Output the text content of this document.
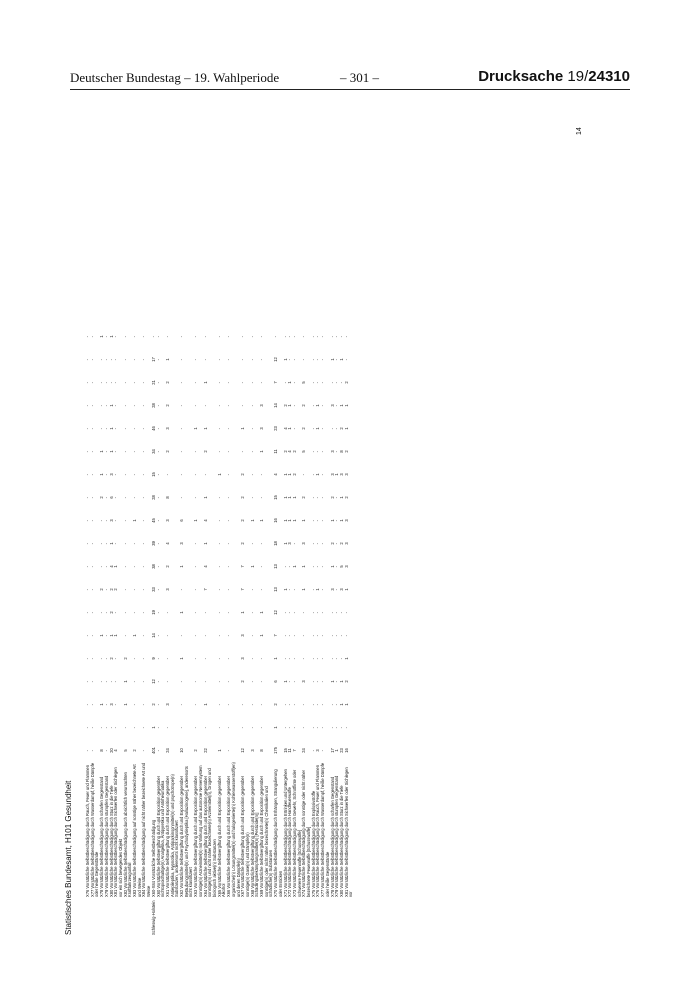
Deutscher Bundestag – 19. Wahlperiode	– 301 –	Drucksache 19/24310
Statistisches Bundesamt, H101 Gesundheit
		X76 Vorsätzliche Selbstbeschädigung durch Rauch, Feuer und Flammen	-	-	-	-	-	-	-	-	-	-	-	-	-	-	-	-	-	-	-
	X77 Vorsätzliche Selbstbeschädigung durch Wasserdampf, heiße Dämpfe oder heiße Gegenstände	-	-	-	-	-	-	-	-	-	-	-	-	-	-	-	-	-	-	-
	X78 Vorsätzliche Selbstbeschädigung durch scharfen Gegenstand	8	-	1	-	-	1	-	2	-	-	-	2	1	1	-	-	-	-	1
	X79 Vorsätzliche Selbstbeschädigung durch stumpfen Gegenstand	-	-	-	-	-	-	-	-	-	-	-	-	-	-	-	-	-	-	-
	X80 Vorsätzliche Selbstbeschädigung durch Sturz in die Tiefe	20	-	3	-	2	1	2	2	4	1	3	6	3	1	1	1	-	-	1
	X81 Vorsätzliche Selbstbeschädigung durch Sichwerfen oder Sichlegen vor ein sich bewegendes Objekt	4	-	-	-	-	1	-	2	1	-	-	-	-	-	-	-	-	-	-
	X82 Vorsätzliche Selbstbeschädigung durch absichtlich verursachten Kraftfahrzeugunfall	5	-	1	1	2	-	-	-	-	-	-	-	-	-	-	-	-	-	-
	X83 Vorsätzliche Selbstbeschädigung auf sonstige näher bezeichnete Art und Weise	2	-	-	-	-	1	-	-	-	-	1	-	-	-	-	-	-	-	-
	X84 Vorsätzliche Selbstbeschädigung auf nicht näher bezeichnete Art und Weise	-	-	-	-	-	-	-	-	-	-	-	-	-	-	-	-	-	-	-
Schleswig-Holstein	X60-X84 Vorsätzliche Selbstbeschädigung	401	1	2	12	9	14	19	33	38	39	45	28	15	34	46	28	21	17	-
	X60 Vorsätzliche Selbstvergiftung durch und Exposition gegenüber nichtopioidhaltige(n) Analgetika, Antipyretika und Antirheumatika	-	-	-	-	-	-	-	-	-	-	-	-	-	-	-	-	-	-	-
	X61 Vorsätzliche Selbstvergiftung durch und Exposition gegenüber Antiepileptika, Hypnotika, Antiparkinsonmittel(n) und psychotrope(n) Substanzen, anderenorts nicht klassifiziert	24	-	3	-	-	-	-	3	2	4	3	8	-	2	3	2	2	1	-
	X62 Vorsätzliche Selbstvergiftung durch und Exposition gegenüber Betäubungsmittel(n) und Psychodysleptika [Halluzinogene], anderenorts nicht klassifiziert	10	-	-	-	1	-	1	-	1	3	6	-	-	-	-	-	-	-	-
	X63 Vorsätzliche Selbstvergiftung durch und Exposition gegenüber sonstige(n) Arzneimittel(n) mit Wirkung auf das autonome Nervensystem	2	-	-	-	-	-	-	-	-	-	1	-	-	-	1	-	-	-	-
	X64 Vorsätzliche Selbstvergiftung durch und Exposition gegenüber sonstige(n) und nicht näher bezeichnete(n) Arzneimittel(n), Drogen und biologisch aktive(n) Substanzen	22	-	1	-	-	-	-	7	4	1	4	1	-	2	1	-	1	-	-
	X65 Vorsätzliche Selbstvergiftung durch und Exposition gegenüber Alkohol	1	-	-	-	-	-	-	-	-	-	-	-	1	-	-	-	-	-	-
	X66 Vorsätzliche Selbstvergiftung durch und Exposition gegenüber organische(n) Lösungsmittel(n) und halogenierte(n) Kohlenwasserstoff(en) und deren Dämpfe(n)	-	-	-	-	-	-	-	-	-	-	-	-	-	-	-	-	-	-	-
	X67 Vorsätzliche Selbstvergiftung durch und Exposition gegenüber sonstige(n) Gase(n) und Dämpfe(n)	12	-	-	2	3	3	1	7	7	2	2	2	2	-	1	-	-	-	-
	X68 Vorsätzliche Selbstvergiftung durch und Exposition gegenüber Schädlingsbekämpfungsmittel(n) [Pestizide(n)]	3	-	-	-	-	-	-	-	1	-	1	-	-	-	-	-	-	-	-
	X69 Vorsätzliche Selbstvergiftung durch und Exposition gegenüber sonstige(n) oder nicht näher bezeichnete(n) Chemikalien und schädliche(n) Substanzen	8	-	-	-	-	1	1	-	-	-	1	-	-	1	3	3	-	-	-
	X70 Vorsätzliche Selbstbeschädigung durch Erhängen, Strangulierung oder Ersticken	175	1	2	6	1	7	12	13	13	18	16	15	4	11	23	14	7	12	-
	X71 Vorsätzliche Selbstbeschädigung durch Ertrinken und Untergehen	15	-	-	1	-	-	-	1	-	1	1	1	1	2	4	2	-	1	-
	X72 Vorsätzliche Selbstbeschädigung durch Handfeuerwaffe	11	-	-	-	-	-	-	-	-	3	1	1	1	4	1	1	1	-	-
	X73 Vorsätzliche Selbstbeschädigung durch Gewehr, Schrotflinte oder schwerere Feuerwaffe [Schusswaffe]	7	-	-	-	-	-	-	-	1	-	1	1	2	2	-	-	-	-	-
	X74 Vorsätzliche Selbstbeschädigung durch sonstige oder nicht näher bezeichnete Feuerwaffe [Schusswaffe]	24	-	-	3	-	-	-	1	1	3	1	2	-	5	2	2	5	-	-
	X75 Vorsätzliche Selbstbeschädigung durch Explosivstoffe	-	-	-	-	-	-	-	-	-	-	-	-	-	-	-	-	-	-	-
	X76 Vorsätzliche Selbstbeschädigung durch Rauch, Feuer und Flammen	3	-	-	-	-	-	-	1	-	-	-	-	1	-	1	1	-	-	-
	X77 Vorsätzliche Selbstbeschädigung durch Wasserdampf, heiße Dämpfe oder heiße Gegenstände	-	-	-	-	-	-	-	-	-	-	-	-	-	-	-	-	-	-	-
	X78 Vorsätzliche Selbstbeschädigung durch scharfen Gegenstand	17	-	-	1	-	-	-	3	1	2	1	2	3	3	-	3	-	1	-
	X79 Vorsätzliche Selbstbeschädigung durch stumpfen Gegenstand	1	-	-	-	-	-	-	-	-	-	-	-	1	-	-	-	-	-	-
	X80 Vorsätzliche Selbstbeschädigung durch Sturz in die Tiefe	23	-	1	1	-	-	-	3	5	2	1	1	3	8	2	1	-	1	-
	X81 Vorsätzliche Selbstbeschädigung durch Sichwerfen oder Sichlegen vor	16	-	1	2	1	-	-	1	3	3	3	2	3	2	1	1	2	-	-
14
